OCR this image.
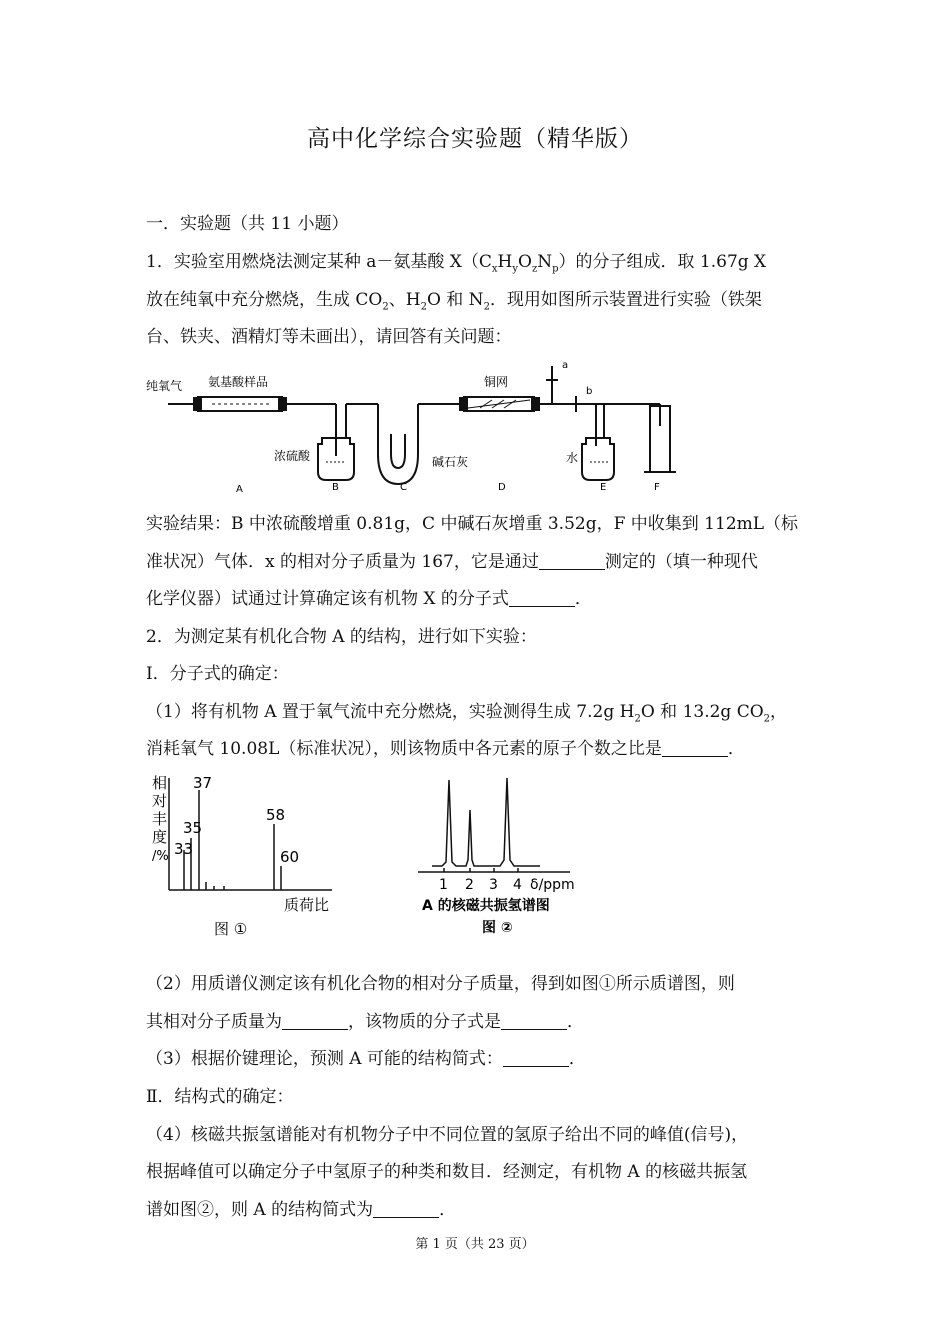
高中化学综合实验题（精华版）
一．实验题（共 11 小题）
1．实验室用燃烧法测定某种 a－氨基酸 $X(C_xH_yO_zN_p)$的分子组成．取 1.67g X
放在纯氧中充分燃烧，生成 $CO_2$、$H_2O$ 和 $N_2$．现用如图所示装置进行实验（铁架
台、铁夹、酒精灯等未画出），请回答有关问题：
纯氧气 氨基酸样品
浓硫酸	碱石灰
铜网
水
a
b
A	B	C	D	E	F
实验结果：B 中浓硫酸增重 0.81g，C 中碱石灰增重 3.52g，F 中收集到 112mL（标
准状况）气体．x 的相对分子质量为 167，它是通过	测定的（填一种现代
化学仪器）试通过计算确定该有机物 X 的分子式	．
2．为测定某有机化合物 A 的结构，进行如下实验：
Ⅰ．分子式的确定：
（1）将有机物 A 置于氧气流中充分燃烧，实验测得生成 7.2g $H_2O$ 和 13.2g $CO_2$，
消耗氧气 10.08L（标准状况），则该物质中各元素的原子个数之比是	．
相
对
丰
度
/%
相对丰度/%
33
35
37
58
60
质荷比
图 ①
1 2 3 4 δ/ppm
A 的核磁共振氢谱图
图 ②
（2）用质谱仪测定该有机化合物的相对分子质量，得到如图①所示质谱图，则
其相对分子质量为	，该物质的分子式是	．
（3）根据价键理论，预测 A 可能的结构简式：	．
Ⅱ．结构式的确定：
（4）核磁共振氢谱能对有机物分子中不同位置的氢原子给出不同的峰值(信号)，
根据峰值可以确定分子中氢原子的种类和数目．经测定，有机物 A 的核磁共振氢
谱如图②，则 A 的结构简式为	．
第 1 页（共 23 页）
